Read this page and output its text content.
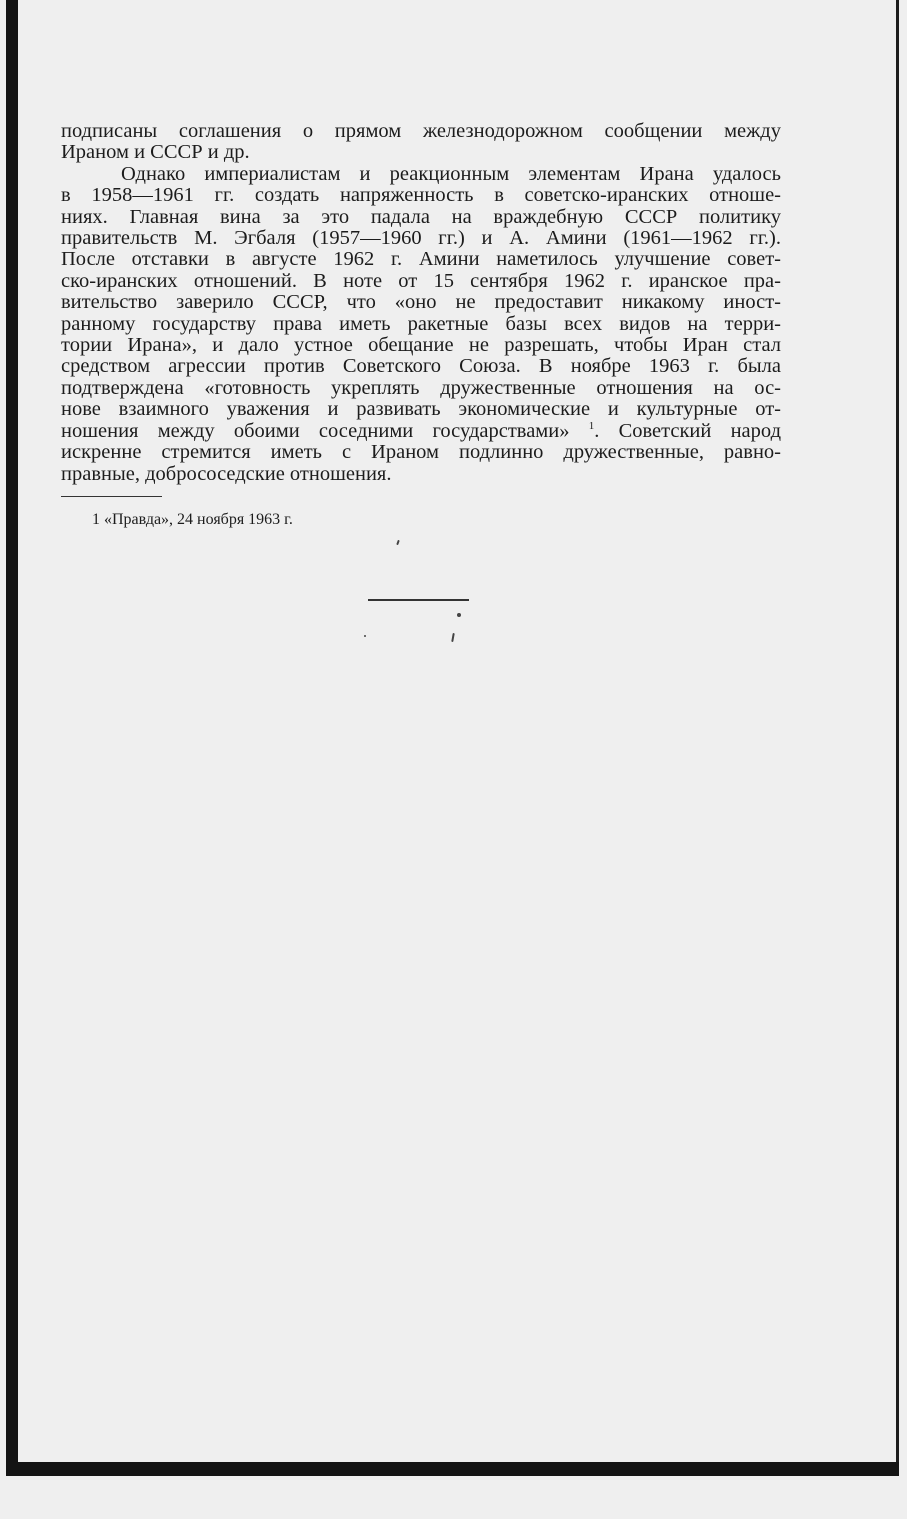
подписаны соглашения о прямом железнодорожном сообщении между
Ираном и СССР и др.
Однако империалистам и реакционным элементам Ирана удалось
в 1958—1961 гг. создать напряженность в советско-иранских отноше-
ниях. Главная вина за это падала на враждебную СССР политику
правительств М. Эгбаля (1957—1960 гг.) и А. Амини (1961—1962 гг.).
После отставки в августе 1962 г. Амини наметилось улучшение совет-
ско-иранских отношений. В ноте от 15 сентября 1962 г. иранское пра-
вительство заверило СССР, что «оно не предоставит никакому иност-
ранному государству права иметь ракетные базы всех видов на терри-
тории Ирана», и дало устное обещание не разрешать, чтобы Иран стал
средством агрессии против Советского Союза. В ноябре 1963 г. была
подтверждена «готовность укреплять дружественные отношения на ос-
нове взаимного уважения и развивать экономические и культурные от-
ношения между обоими соседними государствами» $^1$. Советский народ
искренне стремится иметь с Ираном подлинно дружественные, равно-
правные, добрососедские отношения.
1 «Правда», 24 ноября 1963 г.
